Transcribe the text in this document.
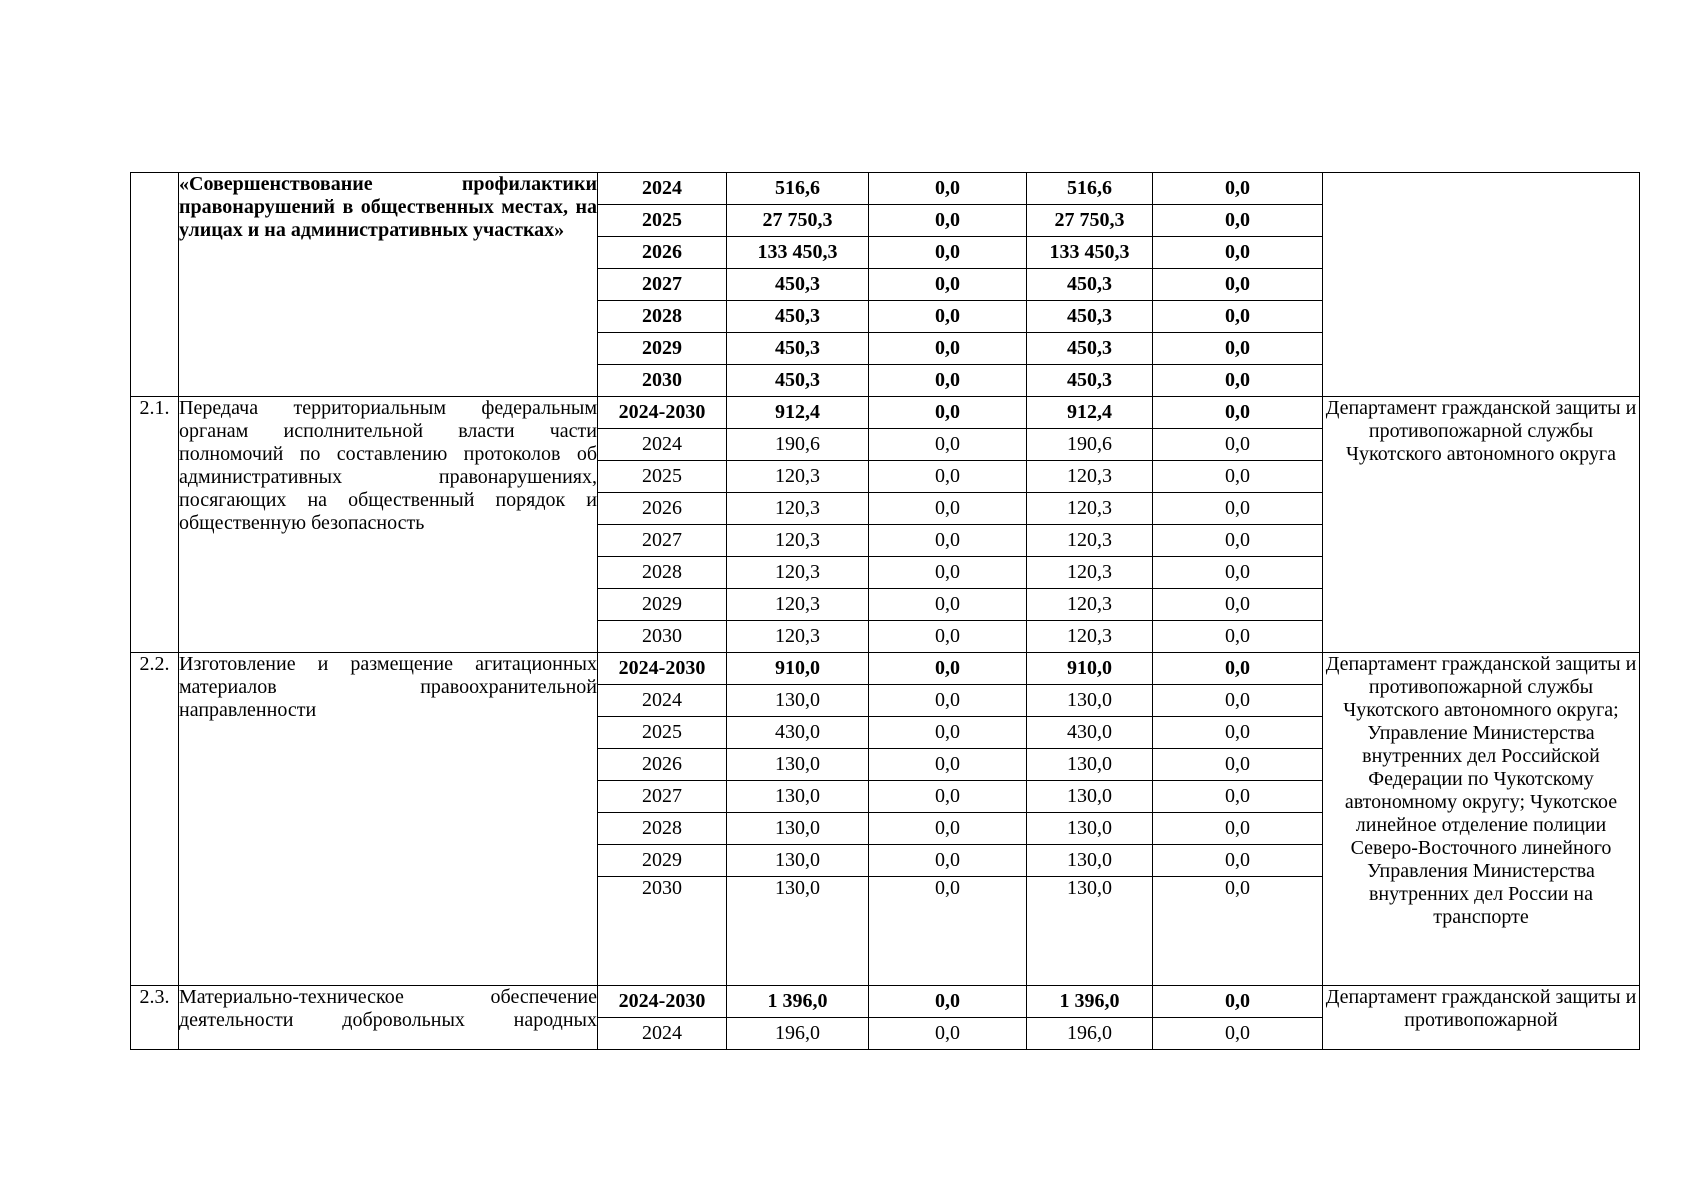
	«Совершенствование профилактики правонарушений в общественных местах, на улицах и на административных участках»	2024	516,6	0,0	516,6	0,0	
		2025	27 750,3	0,0	27 750,3	0,0	
		2026	133 450,3	0,0	133 450,3	0,0	
		2027	450,3	0,0	450,3	0,0	
		2028	450,3	0,0	450,3	0,0	
		2029	450,3	0,0	450,3	0,0	
		2030	450,3	0,0	450,3	0,0	
2.1.	Передача территориальным федеральным органам исполнительной власти части полномочий по составлению протоколов об административных правонарушениях, посягающих на общественный порядок и общественную безопасность	2024-2030	912,4	0,0	912,4	0,0	Департамент гражданской защиты и противопожарной службы Чукотского автономного округа
		2024	190,6	0,0	190,6	0,0	
		2025	120,3	0,0	120,3	0,0	
		2026	120,3	0,0	120,3	0,0	
		2027	120,3	0,0	120,3	0,0	
		2028	120,3	0,0	120,3	0,0	
		2029	120,3	0,0	120,3	0,0	
		2030	120,3	0,0	120,3	0,0	
2.2.	Изготовление и размещение агитационных материалов правоохранительной направленности	2024-2030	910,0	0,0	910,0	0,0	Департамент гражданской защиты и противопожарной службы Чукотского автономного округа; Управление Министерства внутренних дел Российской Федерации по Чукотскому автономному округу; Чукотское линейное отделение полиции Северо-Восточного линейного Управления Министерства внутренних дел России на транспорте
		2024	130,0	0,0	130,0	0,0	
		2025	430,0	0,0	430,0	0,0	
		2026	130,0	0,0	130,0	0,0	
		2027	130,0	0,0	130,0	0,0	
		2028	130,0	0,0	130,0	0,0	
		2029	130,0	0,0	130,0	0,0	
		2030	130,0	0,0	130,0	0,0	
2.3.	Материально-техническое обеспечение деятельности добровольных народных	2024-2030	1 396,0	0,0	1 396,0	0,0	Департамент гражданской защиты и противопожарной
		2024	196,0	0,0	196,0	0,0	
